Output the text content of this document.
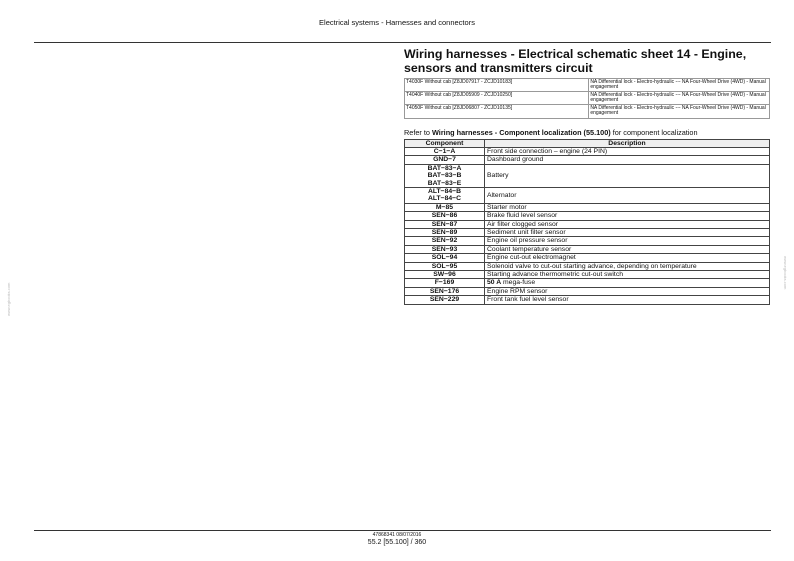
Electrical systems - Harnesses and connectors
www.egbooks.com
www.egbooks.com
Wiring harnesses - Electrical schematic sheet 14 - Engine, sensors and transmitters circuit
T4030F Without cab [Z8JD07917 - ZCJD10183]	NA Differential lock - Electro-hydraulic --- NA Four-Wheel Drive (4WD) - Manual engagement
T4040F Without cab [Z8JD05909 - ZCJD10250]	NA Differential lock - Electro-hydraulic --- NA Four-Wheel Drive (4WD) - Manual engagement
T4050F Without cab [Z8JD06807 - ZCJD10135]	NA Differential lock - Electro-hydraulic --- NA Four-Wheel Drive (4WD) - Manual engagement
Refer to Wiring harnesses - Component localization (55.100) for component localization
Component	Description

C−1−A	Front side connection – engine (24 PIN)

GND−7	Dashboard ground

BAT−83−A
BAT−83−B
BAT−83−E	Battery

ALT−84−B
ALT−84−C	Alternator

M−85	Starter motor

SEN−86	Brake fluid level sensor

SEN−87	Air filter clogged sensor

SEN−89	Sediment unit filter sensor

SEN−92	Engine oil pressure sensor

SEN−93	Coolant temperature sensor

SOL−94	Engine cut-out electromagnet

SOL−95	Solenoid valve to cut-out starting advance, depending on temperature

SW−96	Starting advance thermometric cut-out switch

F−169	50 A mega-fuse

SEN−176	Engine RPM sensor

SEN−229	Front tank fuel level sensor
47868341 08/07/2016
55.2 [55.100] / 360
